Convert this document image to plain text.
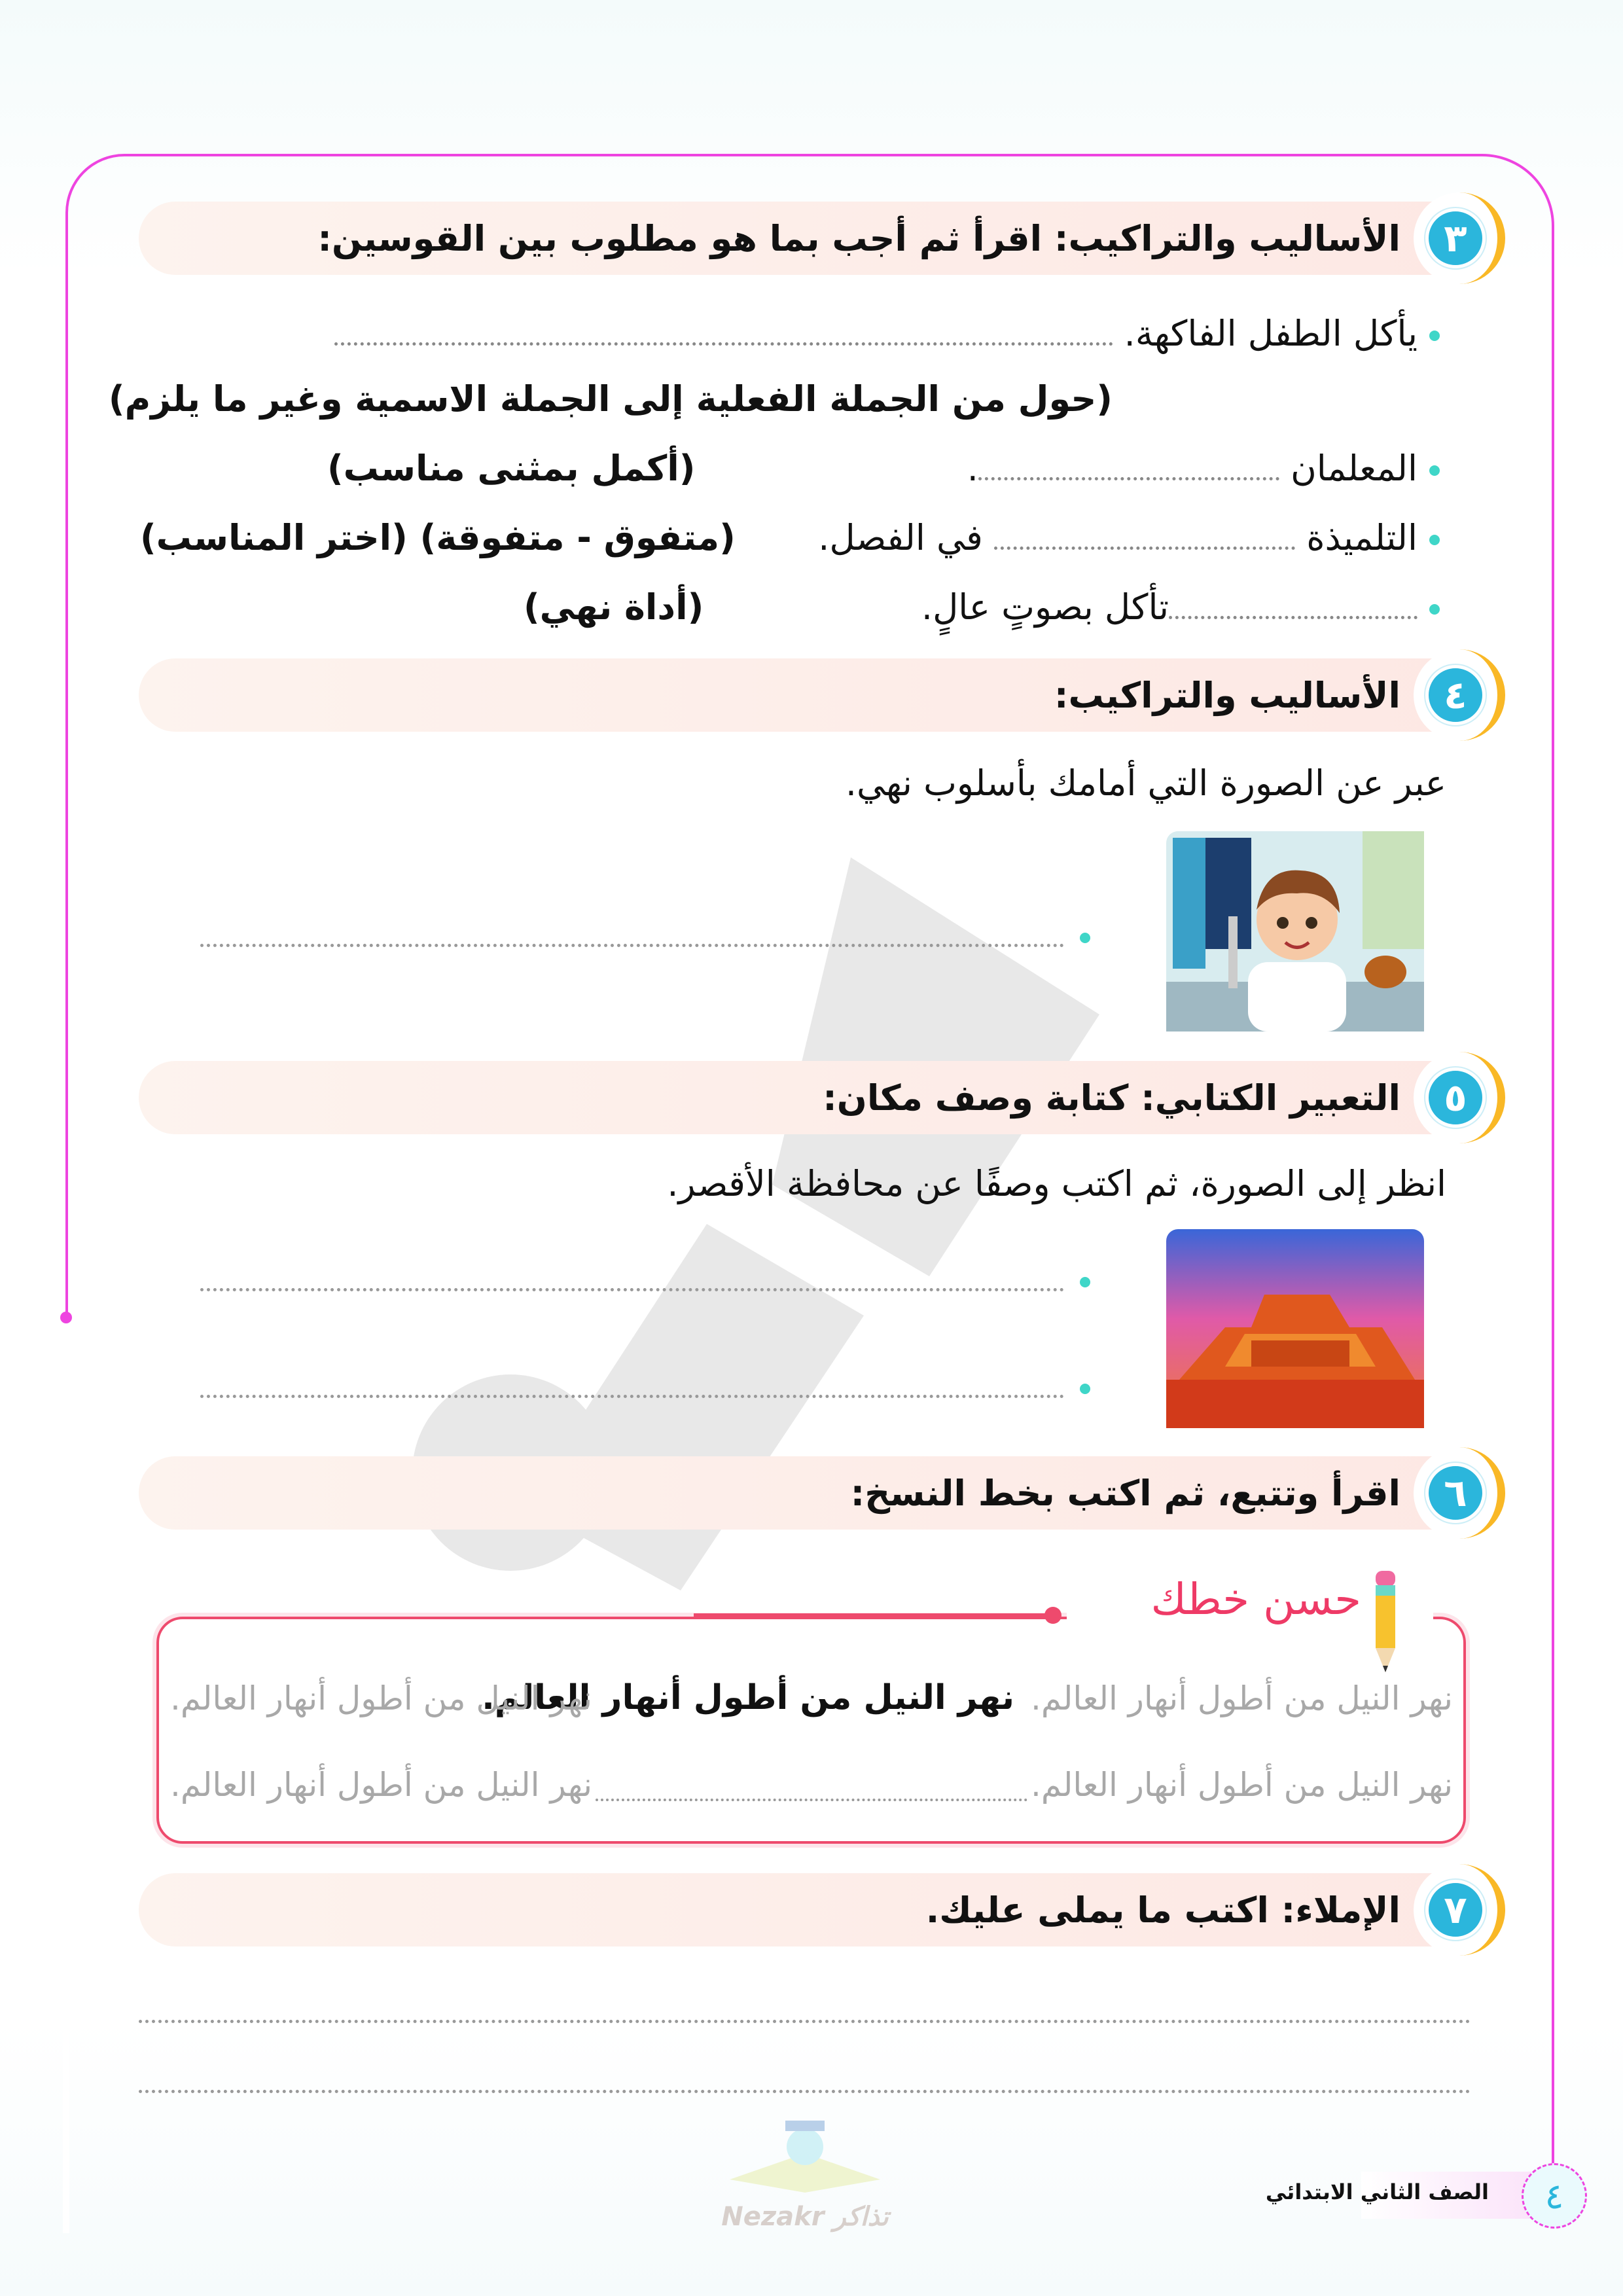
٣
الأساليب والتراكيب: اقرأ ثم أجب بما هو مطلوب بين القوسين:
يأكل الطفل الفاكهة.
(حول من الجملة الفعلية إلى الجملة الاسمية وغير ما يلزم)
المعلمان .
(أكمل بمثنى مناسب)
التلميذة  في الفصل.
(متفوق - متفوقة) (اختر المناسب)
تأكل بصوتٍ عالٍ.
(أداة نهي)
٤
الأساليب والتراكيب:
عبر عن الصورة التي أمامك بأسلوب نهي.
٥
التعبير الكتابي: كتابة وصف مكان:
انظر إلى الصورة، ثم اكتب وصفًا عن محافظة الأقصر.
٦
اقرأ وتتبع، ثم اكتب بخط النسخ:
حسن خطك
نهر النيل من أطول أنهار العالم.
نهر النيل من أطول أنهار العالم.
نهر النيل من أطول أنهار العالم.
نهر النيل من أطول أنهار العالم.
نهر النيل من أطول أنهار العالم.
٧
الإملاء: اكتب ما يملى عليك.
Nezakr تذاكر
الصف الثاني الابتدائي	٤
